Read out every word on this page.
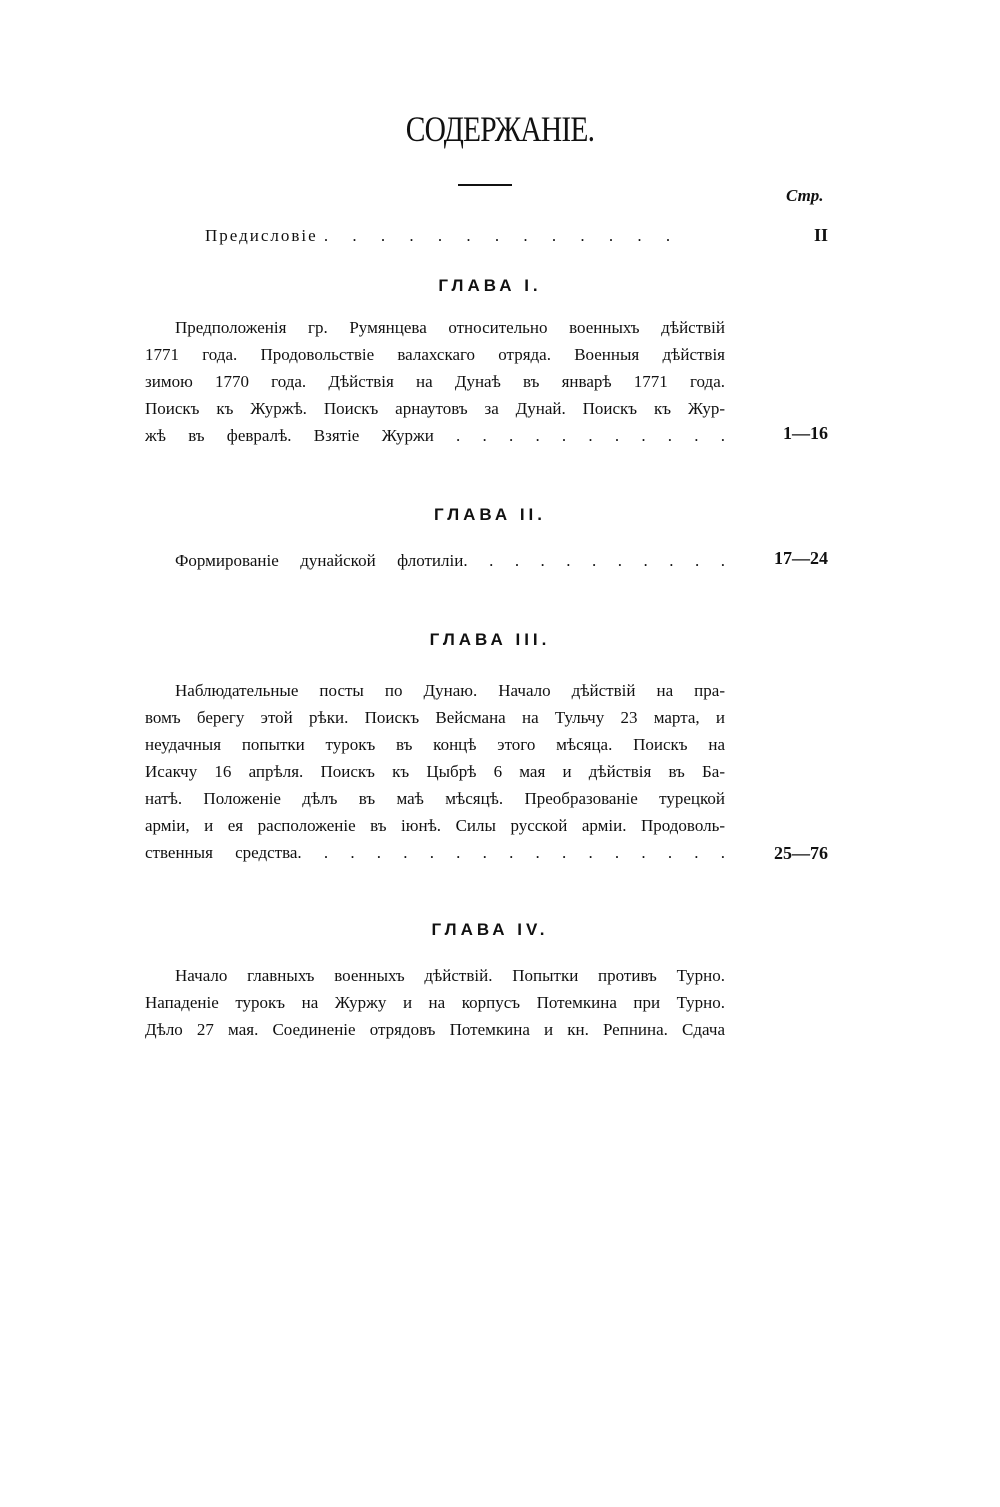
СОДЕРЖАНІЕ.
Стр.
Предисловіе . . . . . . . . . . . . .	II
ГЛАВА I.
Предположенія гр. Румянцева относительно военныхъ дѣйствій
1771 года. Продовольствіе валахскаго отряда. Военныя дѣйствія
зимою 1770 года. Дѣйствія на Дунаѣ въ январѣ 1771 года.
Поискъ къ Журжѣ. Поискъ арнаутовъ за Дунай. Поискъ къ Жур-
жѣ въ февралѣ. Взятіе Журжи . . . . . . . . . . .	1—16
ГЛАВА II.
Формированіе дунайской флотиліи. . . . . . . . . . .	17—24
ГЛАВА III.
Наблюдательные посты по Дунаю. Начало дѣйствій на пра-
вомъ берегу этой рѣки. Поискъ Вейсмана на Тульчу 23 марта, и
неудачныя попытки турокъ въ концѣ этого мѣсяца. Поискъ на
Исакчу 16 апрѣля. Поискъ къ Цыбрѣ 6 мая и дѣйствія въ Ба-
натѣ. Положеніе дѣлъ въ маѣ мѣсяцѣ. Преобразованіе турецкой
арміи, и ея расположеніе въ іюнѣ. Силы русской арміи. Продоволь-
ственныя средства. . . . . . . . . . . . . . . . .	25—76
ГЛАВА IV.
Начало главныхъ военныхъ дѣйствій. Попытки противъ Турно.
Нападеніе турокъ на Журжу и на корпусъ Потемкина при Турно.
Дѣло 27 мая. Соединеніе отрядовъ Потемкина и кн. Репнина. Сдача
